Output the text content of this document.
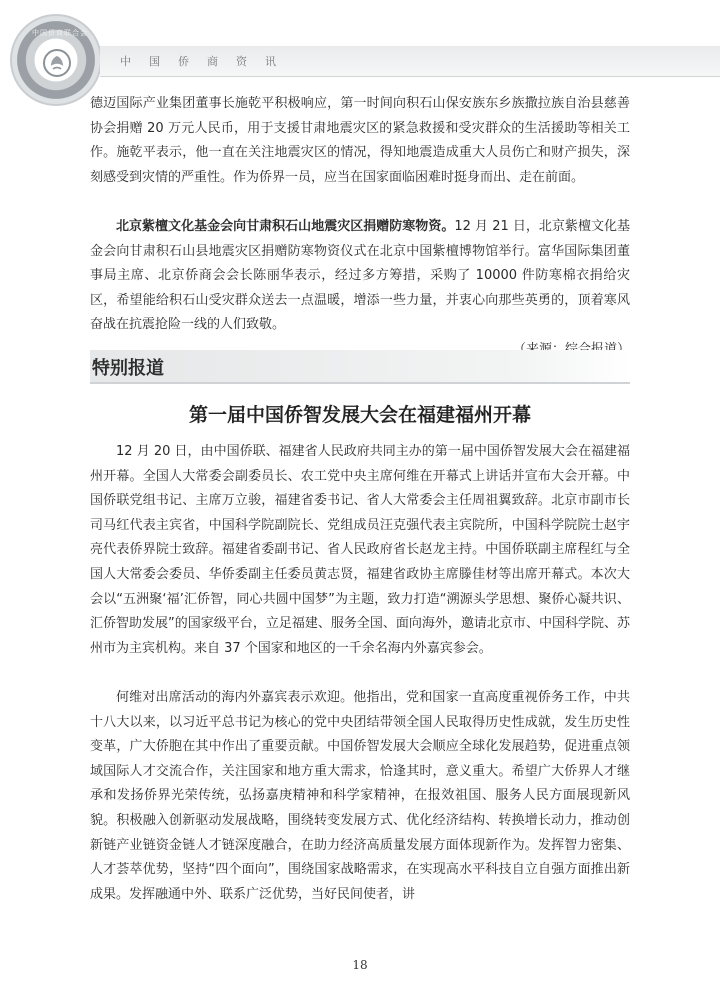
中国侨商联合会
中国侨商资讯

德迈国际产业集团董事长施乾平积极响应，第一时间向积石山保安族东乡族撒拉族自治县慈善协会捐赠 20 万元人民币，用于支援甘肃地震灾区的紧急救援和受灾群众的生活援助等相关工作。施乾平表示，他一直在关注地震灾区的情况，得知地震造成重大人员伤亡和财产损失，深刻感受到灾情的严重性。作为侨界一员，应当在国家面临困难时挺身而出、走在前面。

北京紫檀文化基金会向甘肃积石山地震灾区捐赠防寒物资。12 月 21 日，北京紫檀文化基金会向甘肃积石山县地震灾区捐赠防寒物资仪式在北京中国紫檀博物馆举行。富华国际集团董事局主席、北京侨商会会长陈丽华表示，经过多方筹措，采购了 10000 件防寒棉衣捐给灾区，希望能给积石山受灾群众送去一点温暖，增添一些力量，并衷心向那些英勇的，顶着寒风奋战在抗震抢险一线的人们致敬。

特别报道
第一届中国侨智发展大会在福建福州开幕

12 月 20 日，由中国侨联、福建省人民政府共同主办的第一届中国侨智发展大会在福建福州开幕。全国人大常委会副委员长、农工党中央主席何维在开幕式上讲话并宣布大会开幕。中国侨联党组书记、主席万立骏，福建省委书记、省人大常委会主任周祖翼致辞。北京市副市长司马红代表主宾省，中国科学院副院长、党组成员汪克强代表主宾院所，中国科学院院士赵宇亮代表侨界院士致辞。福建省委副书记、省人民政府省长赵龙主持。中国侨联副主席程红与全国人大常委会委员、华侨委副主任委员黄志贤，福建省政协主席滕佳材等出席开幕式。本次大会以“五洲聚‘福’汇侨智，同心共圆中国梦”为主题，致力打造“溯源头学思想、聚侨心凝共识、汇侨智助发展”的国家级平台，立足福建、服务全国、面向海外，邀请北京市、中国科学院、苏州市为主宾机构。来自 37 个国家和地区的一千余名海内外嘉宾参会。

何维对出席活动的海内外嘉宾表示欢迎。他指出，党和国家一直高度重视侨务工作，中共十八大以来，以习近平总书记为核心的党中央团结带领全国人民取得历史性成就，发生历史性变革，广大侨胞在其中作出了重要贡献。中国侨智发展大会顺应全球化发展趋势，促进重点领域国际人才交流合作，关注国家和地方重大需求，恰逢其时，意义重大。希望广大侨界人才继承和发扬侨界光荣传统，弘扬嘉庚精神和科学家精神，在报效祖国、服务人民方面展现新风貌。积极融入创新驱动发展战略，围绕转变发展方式、优化经济结构、转换增长动力，推动创新链产业链资金链人才链深度融合，在助力经济高质量发展方面体现新作为。发挥智力密集、人才荟萃优势，坚持“四个面向”，围绕国家战略需求，在实现高水平科技自立自强方面推出新成果。发挥融通中外、联系广泛优势，当好民间使者，讲

18
